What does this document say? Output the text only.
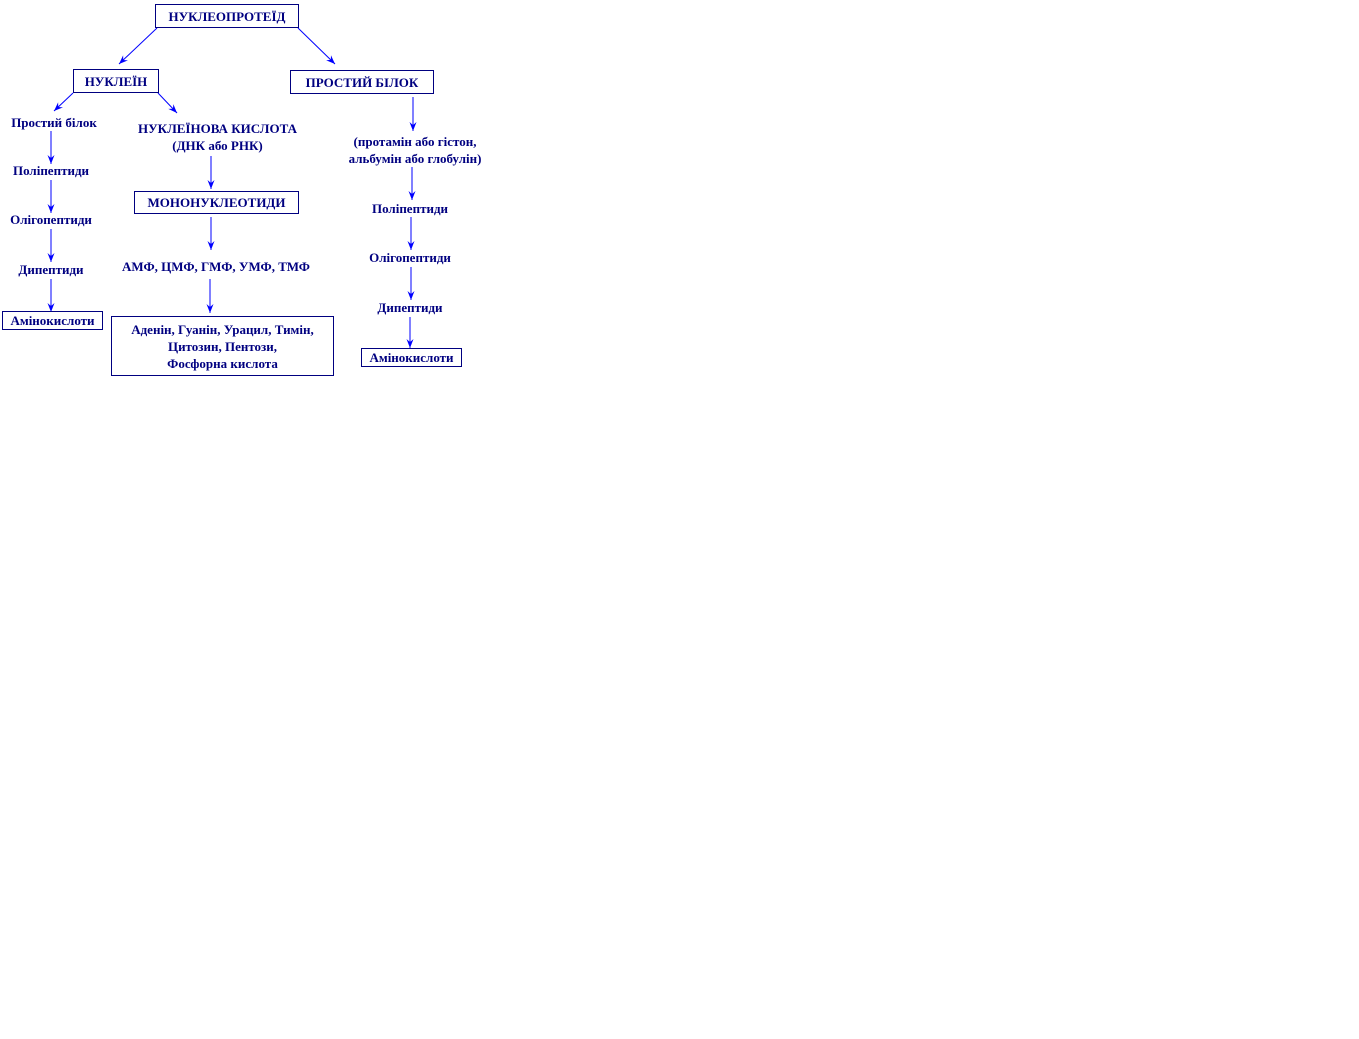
НУКЛЕОПРОТЕЇД
НУКЛЕЇН	ПРОСТИЙ БІЛОК
Простий білок
Поліпептиди
Олігопептиди
Дипептиди
Амінокислоти
НУКЛЕЇНОВА КИСЛОТА
(ДНК або РНК)
МОНОНУКЛЕОТИДИ
АМФ, ЦМФ, ГМФ, УМФ, ТМФ
Аденін, Гуанін, Урацил, Тимін,
Цитозин, Пентози,
Фосфорна кислота
(протамін або гістон,
альбумін або глобулін)
Поліпептиди
Олігопептиди
Дипептиди
Амінокислоти
